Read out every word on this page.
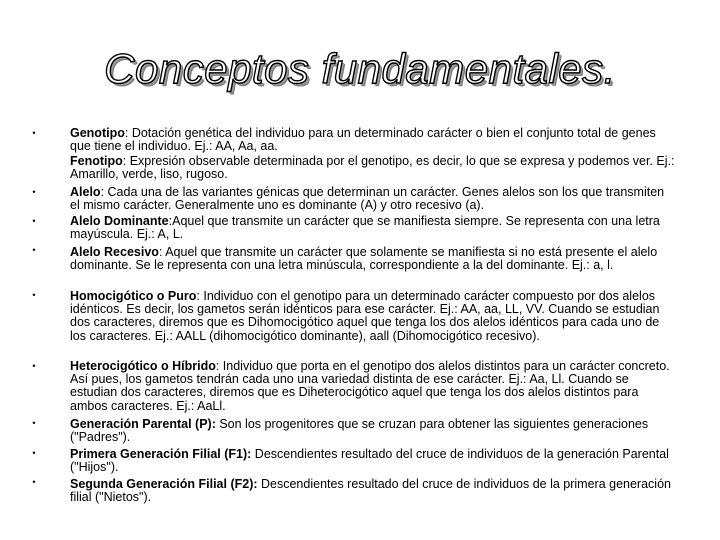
Conceptos fundamentales.
•
•
•
•
•
•
•
•
•
Genotipo: Dotación genética del individuo para un determinado carácter o bien el conjunto total de genes que tiene el individuo. Ej.: AA, Aa, aa.
Fenotipo: Expresión observable determinada por el genotipo, es decir, lo que se expresa y podemos ver. Ej.: Amarillo, verde, liso, rugoso.
Alelo: Cada una de las variantes génicas que determinan un carácter. Genes alelos son los que transmiten el mismo carácter. Generalmente uno es dominante (A) y otro recesivo (a).
Alelo Dominante:Aquel que transmite un carácter que se manifiesta siempre. Se representa con una letra mayúscula. Ej.: A, L.
Alelo Recesivo: Aquel que transmite un carácter que solamente se manifiesta si no está presente el alelo dominante. Se le representa con una letra minúscula, correspondiente a la del dominante. Ej.: a, l.
Homocigótico o Puro: Individuo con el genotipo para un determinado carácter compuesto por dos alelos idénticos. Es decir, los gametos serán idénticos para ese carácter. Ej.: AA, aa, LL, VV. Cuando se estudian dos caracteres, diremos que es Dihomocigótico aquel que tenga los dos alelos idénticos para cada uno de los caracteres. Ej.: AALL (dihomocigótico dominante), aall (Dihomocigótico recesivo).
Heterocigótico o Híbrido: Individuo que porta en el genotipo dos alelos distintos para un carácter concreto. Así pues, los gametos tendrán cada uno una variedad distinta de ese carácter. Ej.: Aa, Ll. Cuando se estudian dos caracteres, diremos que es Diheterocigótico aquel que tenga los dos alelos distintos para ambos caracteres. Ej.: AaLl.
Generación Parental (P): Son los progenitores que se cruzan para obtener las siguientes generaciones ("Padres").
Primera Generación Filial (F1): Descendientes resultado del cruce de individuos de la generación Parental ("Hijos").
Segunda Generación Filial (F2): Descendientes resultado del cruce de individuos de la primera generación filial ("Nietos").
